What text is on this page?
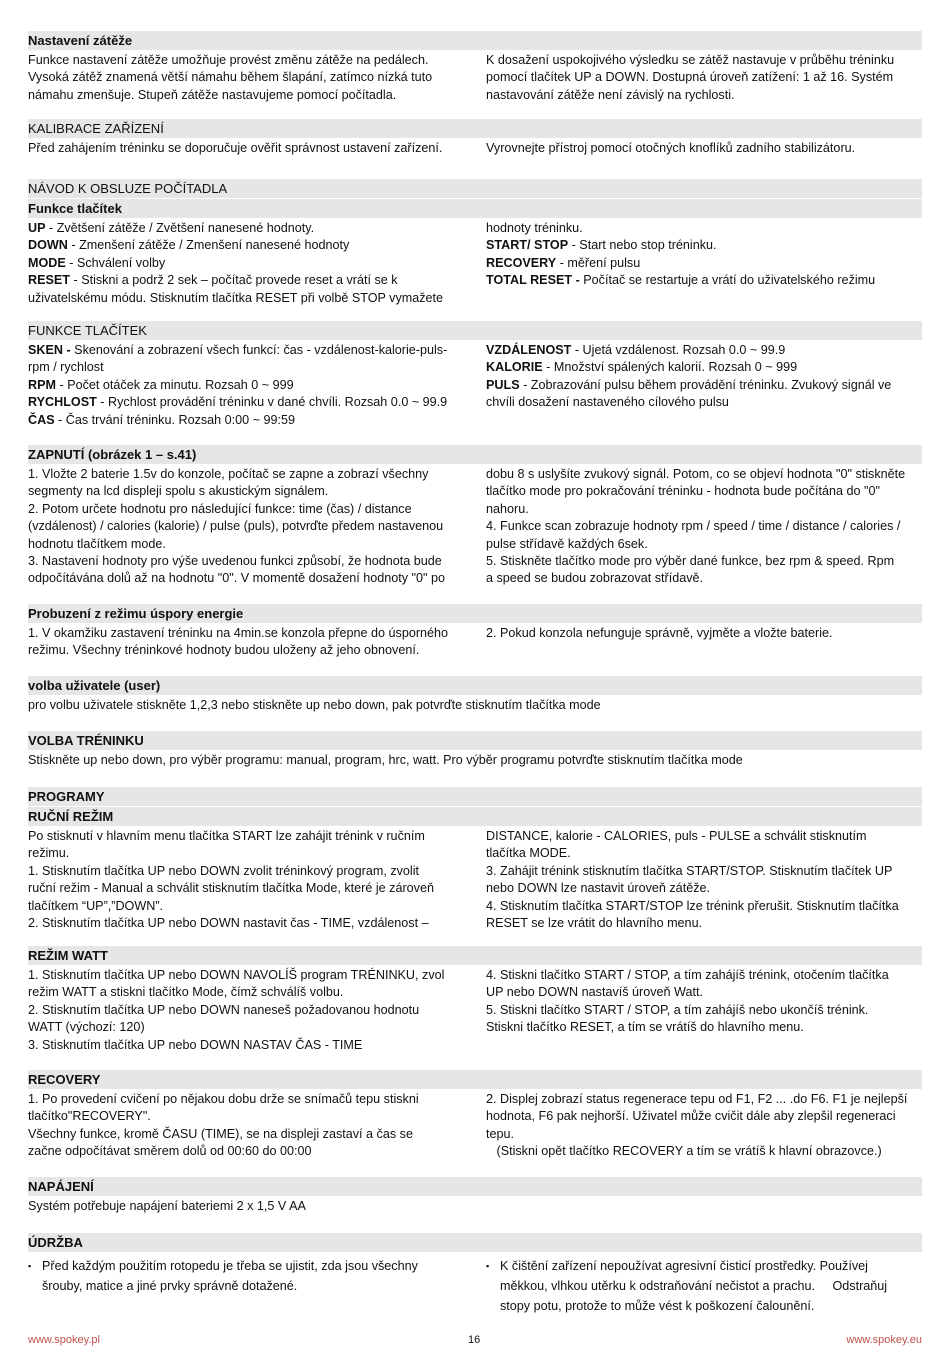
Nastavení zátěže
Funkce nastavení zátěže umožňuje provést změnu zátěže na pedálech.
Vysoká zátěž znamená větší námahu během šlapání, zatímco nízká tuto
námahu zmenšuje. Stupeň zátěže nastavujeme pomocí počítadla.
K dosažení uspokojivého výsledku se zátěž nastavuje v průběhu tréninku
pomocí tlačítek UP a DOWN. Dostupná úroveň zatížení: 1 až 16. Systém
nastavování zátěže není závislý na rychlosti.
KALIBRACE ZAŘÍZENÍ
Před zahájením tréninku se doporučuje ověřit správnost ustavení zařízení.	Vyrovnejte přístroj pomocí otočných knoflíků zadního stabilizátoru.
NÁVOD K OBSLUZE POČÍTADLA
Funkce tlačítek
UP - Zvětšení zátěže / Zvětšení nanesené hodnoty.
DOWN - Zmenšení zátěže / Zmenšení nanesené hodnoty
MODE - Schválení volby
RESET - Stiskni a podrž 2 sek – počítač provede reset a vrátí se k
uživatelskému módu. Stisknutím tlačítka RESET při volbě STOP vymažete
hodnoty tréninku.
START/ STOP - Start nebo stop tréninku.
RECOVERY - měření pulsu
TOTAL RESET - Počítač se restartuje a vrátí do uživatelského režimu
FUNKCE TLAČÍTEK
SKEN - Skenování a zobrazení všech funkcí: čas - vzdálenost-kalorie-puls-
rpm / rychlost
RPM - Počet otáček za minutu. Rozsah 0 ~ 999
RYCHLOST - Rychlost provádění tréninku v dané chvíli. Rozsah 0.0 ~ 99.9
ČAS - Čas trvání tréninku. Rozsah 0:00 ~ 99:59
VZDÁLENOST - Ujetá vzdálenost. Rozsah 0.0 ~ 99.9
KALORIE - Množství spálených kalorií. Rozsah 0 ~ 999
PULS - Zobrazování pulsu během provádění tréninku. Zvukový signál ve
chvíli dosažení nastaveného cílového pulsu
ZAPNUTÍ (obrázek 1 – s.41)
1. Vložte 2 baterie 1.5v do konzole, počítač se zapne a zobrazí všechny
segmenty na lcd displeji spolu s akustickým signálem.
2. Potom určete hodnotu pro následující funkce: time (čas) / distance
(vzdálenost) / calories (kalorie) / pulse (puls), potvrďte předem nastavenou
hodnotu tlačítkem mode.
3. Nastavení hodnoty pro výše uvedenou funkci způsobí, že hodnota bude
odpočítávána dolů až na hodnotu "0". V momentě dosažení hodnoty "0" po
dobu 8 s uslyšíte zvukový signál. Potom, co se objeví hodnota "0" stiskněte
tlačítko mode pro pokračování tréninku - hodnota bude počítána do "0"
nahoru.
4. Funkce scan zobrazuje hodnoty rpm / speed / time / distance / calories /
pulse střídavě každých 6sek.
5. Stiskněte tlačítko mode pro výběr dané funkce, bez rpm & speed. Rpm
a speed se budou zobrazovat střídavě.
Probuzení z režimu úspory energie
1. V okamžiku zastavení tréninku na 4min.se konzola přepne do úsporného
režimu. Všechny tréninkové hodnoty budou uloženy až jeho obnovení.
2. Pokud konzola nefunguje správně, vyjměte a vložte baterie.
volba uživatele (user)
pro volbu uživatele stiskněte 1,2,3 nebo stiskněte up nebo down, pak potvrďte stisknutím tlačítka mode
VOLBA TRÉNINKU
Stiskněte up nebo down, pro výběr programu: manual, program, hrc, watt. Pro výběr programu potvrďte stisknutím tlačítka mode
PROGRAMY
RUČNÍ REŽIM
Po stisknutí v hlavním menu tlačítka START lze zahájit trénink v ručním
režimu.
1. Stisknutím tlačítka UP nebo DOWN zvolit tréninkový program, zvolit
ruční režim - Manual a schválit stisknutím tlačítka Mode, které je zároveň
tlačítkem “UP”,”DOWN”.
2. Stisknutím tlačítka UP nebo DOWN nastavit čas - TIME, vzdálenost –
DISTANCE, kalorie - CALORIES, puls - PULSE a schválit stisknutím
tlačítka MODE.
3. Zahájit trénink stisknutím tlačítka START/STOP. Stisknutím tlačítek UP
nebo DOWN lze nastavit úroveň zátěže.
4. Stisknutím tlačítka START/STOP lze trénink přerušit. Stisknutím tlačítka
RESET se lze vrátit do hlavního menu.
REŽIM WATT
1. Stisknutím tlačítka UP nebo DOWN NAVOLÍŠ program TRÉNINKU, zvol
režim WATT a stiskni tlačítko Mode, čímž schválíš volbu.
2. Stisknutím tlačítka UP nebo DOWN naneseš požadovanou hodnotu
WATT (výchozí: 120)
3. Stisknutím tlačítka UP nebo DOWN NASTAV ČAS - TIME
4. Stiskni tlačítko START / STOP, a tím zahájíš trénink, otočením tlačítka
UP nebo DOWN nastavíš úroveň Watt.
5. Stiskni tlačítko START / STOP, a tím zahájíš nebo ukončíš trénink.
Stiskni tlačítko RESET, a tím se vrátíš do hlavního menu.
RECOVERY
1. Po provedení cvičení po nějakou dobu drže se snímačů tepu stiskni
tlačítko"RECOVERY".
Všechny funkce, kromě ČASU (TIME), se na displeji zastaví a čas se
začne odpočítávat směrem dolů od 00:60 do 00:00
2. Displej zobrazí status regenerace tepu od F1, F2 ... .do F6. F1 je nejlepší
hodnota, F6 pak nejhorší. Uživatel může cvičit dále aby zlepšil regeneraci
tepu.
(Stiskni opět tlačítko RECOVERY a tím se vrátíš k hlavní obrazovce.)
NAPÁJENÍ
Systém potřebuje napájení bateriemi 2 x 1,5 V AA
ÚDRŽBA
▪ Před každým použitím rotopedu je třeba se ujistit, zda jsou všechny
šrouby, matice a jiné prvky správně dotažené.
▪ K čištění zařízení nepoužívat agresivní čisticí prostředky. Používej
měkkou, vlhkou utěrku k odstraňování nečistot a prachu.     Odstraňuj
stopy potu, protože to může vést k poškození čalounění.
www.spokey.pl	16	www.spokey.eu
